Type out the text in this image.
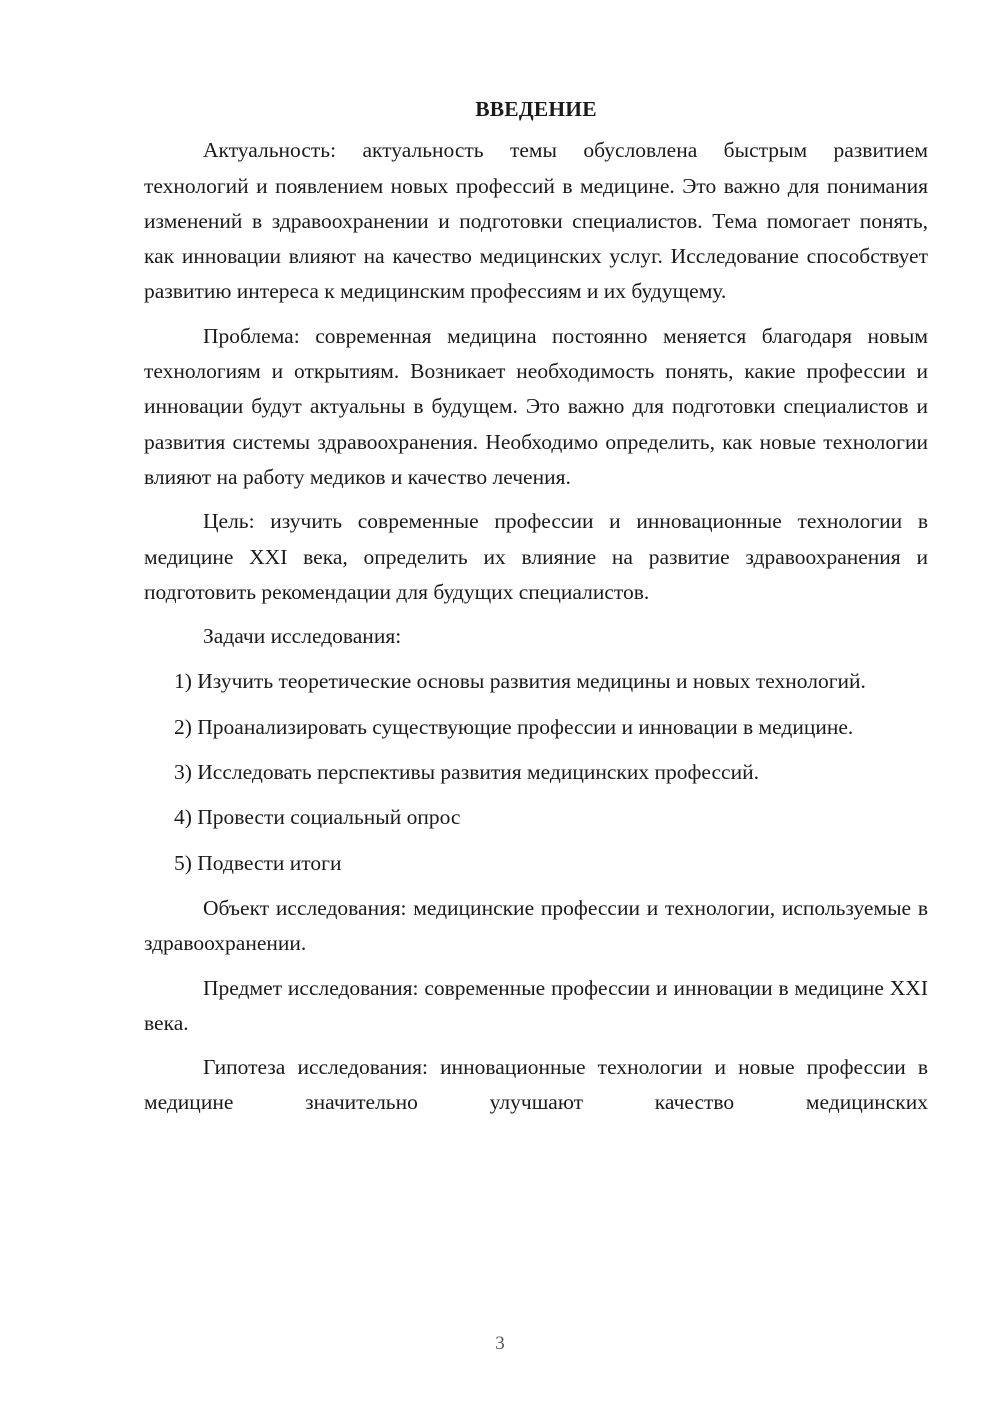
ВВЕДЕНИЕ

Актуальность: актуальность темы обусловлена быстрым развитием технологий и появлением новых профессий в медицине. Это важно для понимания изменений в здравоохранении и подготовки специалистов. Тема помогает понять, как инновации влияют на качество медицинских услуг. Исследование способствует развитию интереса к медицинским профессиям и их будущему.

Проблема: современная медицина постоянно меняется благодаря новым технологиям и открытиям. Возникает необходимость понять, какие профессии и инновации будут актуальны в будущем. Это важно для подготовки специалистов и развития системы здравоохранения. Необходимо определить, как новые технологии влияют на работу медиков и качество лечения.

Цель: изучить современные профессии и инновационные технологии в медицине XXI века, определить их влияние на развитие здравоохранения и подготовить рекомендации для будущих специалистов.

Задачи исследования:

1) Изучить теоретические основы развития медицины и новых технологий.

2) Проанализировать существующие профессии и инновации в медицине.

3) Исследовать перспективы развития медицинских профессий.

4) Провести социальный опрос

5) Подвести итоги

Объект исследования: медицинские профессии и технологии, используемые в здравоохранении.

Предмет исследования: современные профессии и инновации в медицине XXI века.

Гипотеза исследования: инновационные технологии и новые профессии в медицине значительно улучшают качество медицинских

3
